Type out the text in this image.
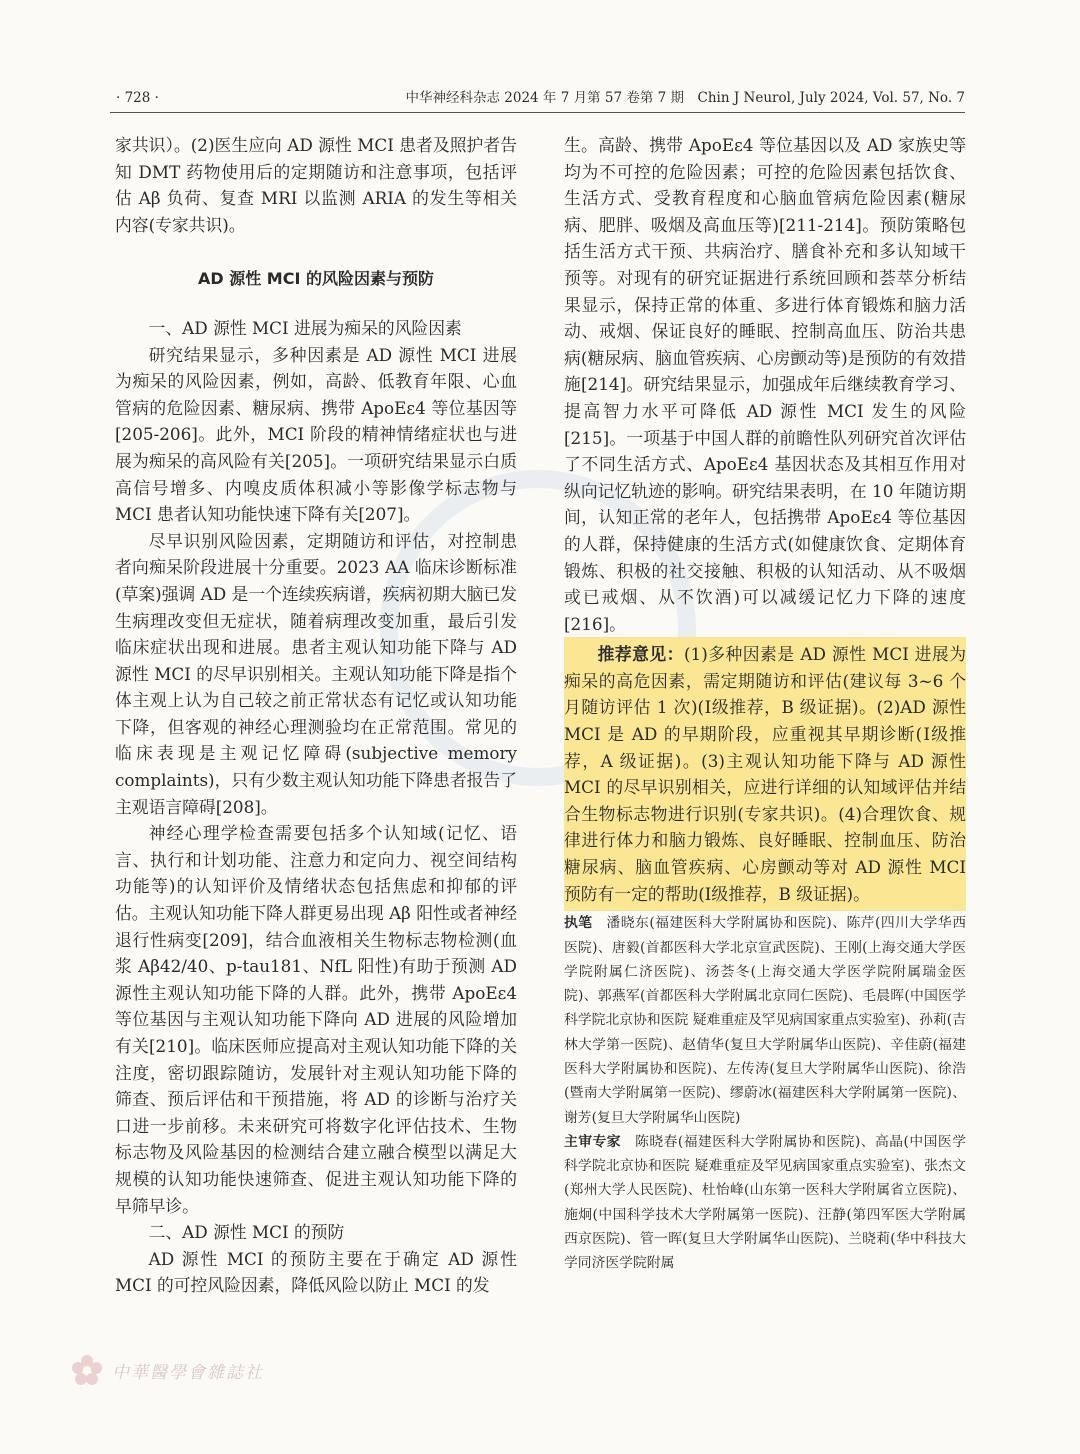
· 728 ·	中华神经科杂志 2024 年 7 月第 57 卷第 7 期　Chin J Neurol, July 2024, Vol. 57, No. 7

家共识）。(2)医生应向 AD 源性 MCI 患者及照护者告知 DMT 药物使用后的定期随访和注意事项，包括评估 Aβ 负荷、复查 MRI 以监测 ARIA 的发生等相关内容(专家共识)。

AD 源性 MCI 的风险因素与预防

一、AD 源性 MCI 进展为痴呆的风险因素

研究结果显示，多种因素是 AD 源性 MCI 进展为痴呆的风险因素，例如，高龄、低教育年限、心血管病的危险因素、糖尿病、携带 ApoEε4 等位基因等[205-206]。此外，MCI 阶段的精神情绪症状也与进展为痴呆的高风险有关[205]。一项研究结果显示白质高信号增多、内嗅皮质体积减小等影像学标志物与 MCI 患者认知功能快速下降有关[207]。

尽早识别风险因素，定期随访和评估，对控制患者向痴呆阶段进展十分重要。2023 AA 临床诊断标准(草案)强调 AD 是一个连续疾病谱，疾病初期大脑已发生病理改变但无症状，随着病理改变加重，最后引发临床症状出现和进展。患者主观认知功能下降与 AD 源性 MCI 的尽早识别相关。主观认知功能下降是指个体主观上认为自己较之前正常状态有记忆或认知功能下降，但客观的神经心理测验均在正常范围。常见的临床表现是主观记忆障碍(subjective memory complaints)，只有少数主观认知功能下降患者报告了主观语言障碍[208]。

神经心理学检查需要包括多个认知域(记忆、语言、执行和计划功能、注意力和定向力、视空间结构功能等)的认知评价及情绪状态包括焦虑和抑郁的评估。主观认知功能下降人群更易出现 Aβ 阳性或者神经退行性病变[209]，结合血液相关生物标志物检测(血浆 Aβ42/40、p-tau181、NfL 阳性)有助于预测 AD 源性主观认知功能下降的人群。此外，携带 ApoEε4 等位基因与主观认知功能下降向 AD 进展的风险增加有关[210]。临床医师应提高对主观认知功能下降的关注度，密切跟踪随访，发展针对主观认知功能下降的筛查、预后评估和干预措施，将 AD 的诊断与治疗关口进一步前移。未来研究可将数字化评估技术、生物标志物及风险基因的检测结合建立融合模型以满足大规模的认知功能快速筛查、促进主观认知功能下降的早筛早诊。

二、AD 源性 MCI 的预防

AD 源性 MCI 的预防主要在于确定 AD 源性 MCI 的可控风险因素，降低风险以防止 MCI 的发

生。高龄、携带 ApoEε4 等位基因以及 AD 家族史等均为不可控的危险因素；可控的危险因素包括饮食、生活方式、受教育程度和心脑血管病危险因素(糖尿病、肥胖、吸烟及高血压等)[211-214]。预防策略包括生活方式干预、共病治疗、膳食补充和多认知域干预等。对现有的研究证据进行系统回顾和荟萃分析结果显示，保持正常的体重、多进行体育锻炼和脑力活动、戒烟、保证良好的睡眠、控制高血压、防治共患病(糖尿病、脑血管疾病、心房颤动等)是预防的有效措施[214]。研究结果显示，加强成年后继续教育学习、提高智力水平可降低 AD 源性 MCI 发生的风险[215]。一项基于中国人群的前瞻性队列研究首次评估了不同生活方式、ApoEε4 基因状态及其相互作用对纵向记忆轨迹的影响。研究结果表明，在 10 年随访期间，认知正常的老年人，包括携带 ApoEε4 等位基因的人群，保持健康的生活方式(如健康饮食、定期体育锻炼、积极的社交接触、积极的认知活动、从不吸烟或已戒烟、从不饮酒)可以减缓记忆力下降的速度[216]。

推荐意见：(1)多种因素是 AD 源性 MCI 进展为痴呆的高危因素，需定期随访和评估(建议每 3~6 个月随访评估 1 次)(Ⅰ级推荐，B 级证据)。(2)AD 源性 MCI 是 AD 的早期阶段，应重视其早期诊断(Ⅰ级推荐，A 级证据)。(3)主观认知功能下降与 AD 源性 MCI 的尽早识别相关，应进行详细的认知域评估并结合生物标志物进行识别(专家共识)。(4)合理饮食、规律进行体力和脑力锻炼、良好睡眠、控制血压、防治糖尿病、脑血管疾病、心房颤动等对 AD 源性 MCI 预防有一定的帮助(Ⅰ级推荐，B 级证据)。

执笔 潘晓东(福建医科大学附属协和医院)、陈芹(四川大学华西医院)、唐毅(首都医科大学北京宣武医院)、王刚(上海交通大学医学院附属仁济医院)、汤荟冬(上海交通大学医学院附属瑞金医院)、郭燕军(首都医科大学附属北京同仁医院)、毛晨晖(中国医学科学院北京协和医院 疑难重症及罕见病国家重点实验室)、孙莉(吉林大学第一医院)、赵倩华(复旦大学附属华山医院)、辛佳蔚(福建医科大学附属协和医院)、左传涛(复旦大学附属华山医院)、徐浩(暨南大学附属第一医院)、缪蔚冰(福建医科大学附属第一医院)、谢芳(复旦大学附属华山医院)

主审专家 陈晓春(福建医科大学附属协和医院)、高晶(中国医学科学院北京协和医院 疑难重症及罕见病国家重点实验室)、张杰文(郑州大学人民医院)、杜怡峰(山东第一医科大学附属省立医院)、施炯(中国科学技术大学附属第一医院)、汪静(第四军医大学附属西京医院)、管一晖(复旦大学附属华山医院)、兰晓莉(华中科技大学同济医学院附属

中華醫學會雜誌社
